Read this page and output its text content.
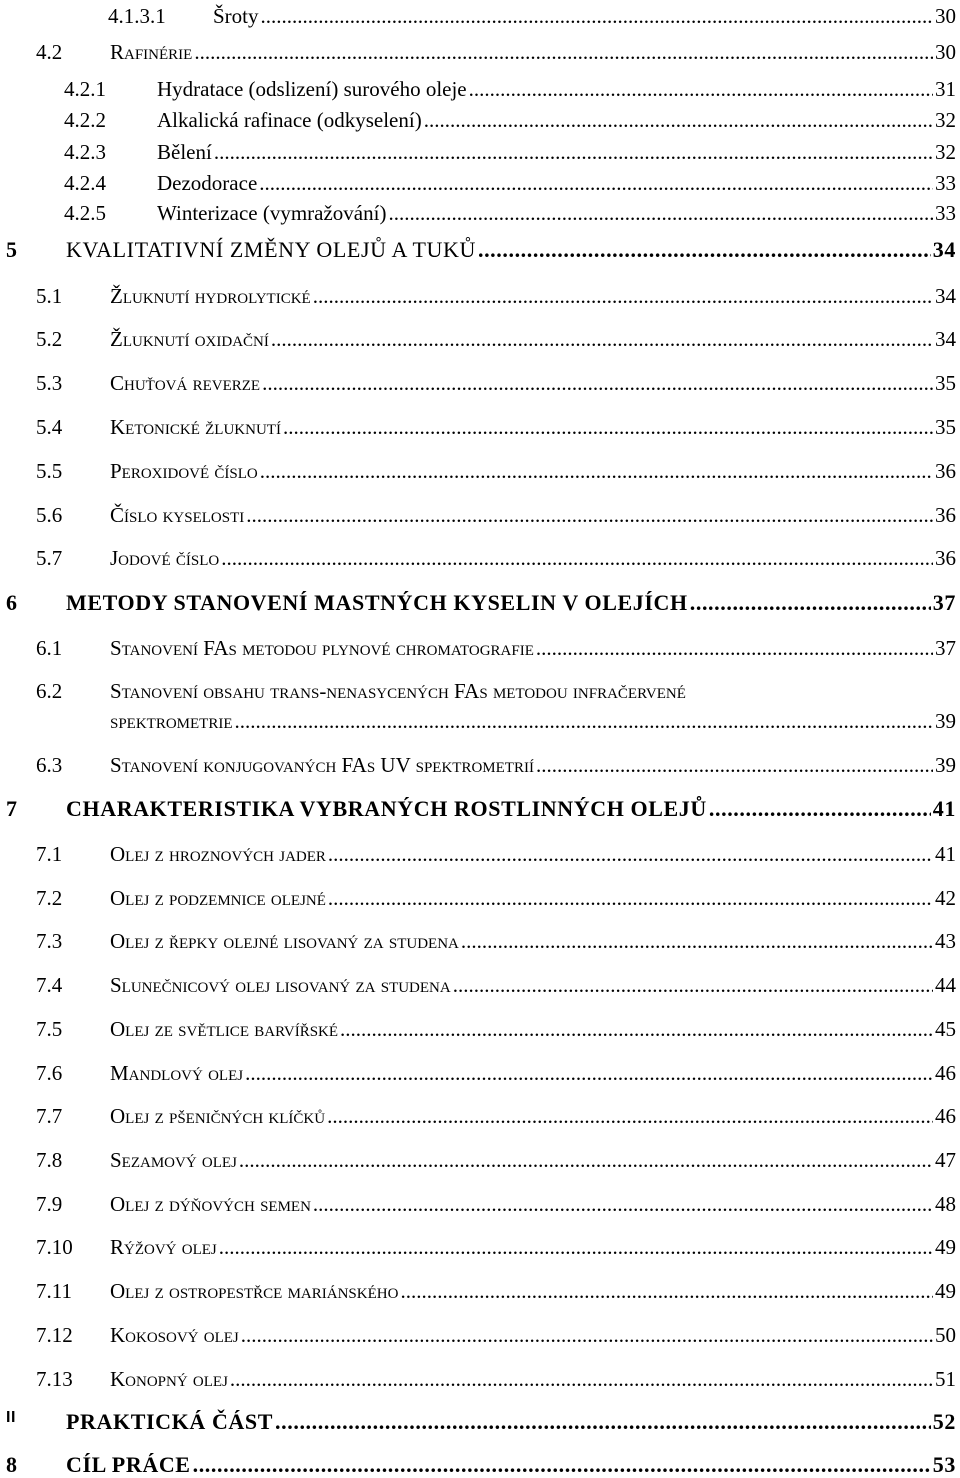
4.1.3.1 Šroty .....	30
4.2 Rafinérie .....	30
4.2.1 Hydratace (odslizení) surového oleje .....	31
4.2.2 Alkalická rafinace (odkyselení) .....	32
4.2.3 Bělení .....	32
4.2.4 Dezodorace .....	33
4.2.5 Winterizace (vymražování) .....	33
5 KVALITATIVNÍ ZMĚNY OLEJŮ A TUKŮ .....	34
5.1 Žluknutí hydrolytické .....	34
5.2 Žluknutí oxidační .....	34
5.3 Chuťová reverze .....	35
5.4 Ketonické žluknutí .....	35
5.5 Peroxidové číslo .....	36
5.6 Číslo kyselosti .....	36
5.7 Jodové číslo .....	36
6 METODY STANOVENÍ MASTNÝCH KYSELIN V OLEJÍCH .....	37
6.1 Stanovení FAs metodou plynové chromatografie .....	37
6.2 Stanovení obsahu trans-nenasycených FAs metodou infračervené
spektrometrie .....	39
6.3 Stanovení konjugovaných FAs UV spektrometrií .....	39
7 CHARAKTERISTIKA VYBRANÝCH ROSTLINNÝCH OLEJŮ .....	41
7.1 Olej z hroznových jader .....	41
7.2 Olej z podzemnice olejné .....	42
7.3 Olej z řepky olejné lisovaný za studena .....	43
7.4 Slunečnicový olej lisovaný za studena .....	44
7.5 Olej ze světlice barvířské .....	45
7.6 Mandlový olej .....	46
7.7 Olej z pšeničných klíčků .....	46
7.8 Sezamový olej .....	47
7.9 Olej z dýňových semen .....	48
7.10 Rýžový olej .....	49
7.11 Olej z ostropestřce mariánského .....	49
7.12 Kokosový olej .....	50
7.13 Konopný olej .....	51
II PRAKTICKÁ ČÁST .....	52
8 CÍL PRÁCE .....	53
